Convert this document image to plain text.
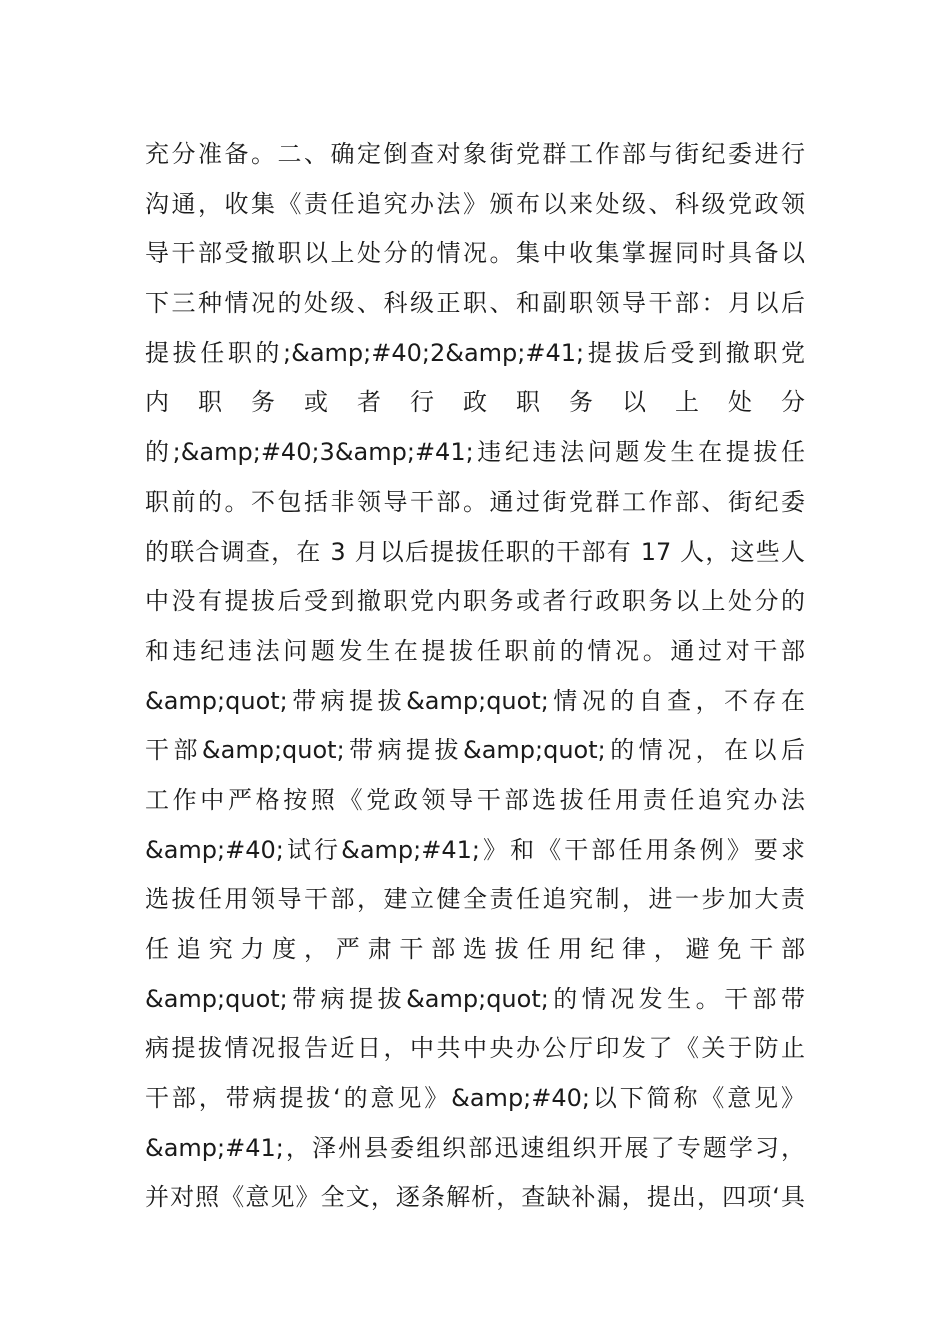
充分准备。二、确定倒查对象街党群工作部与街纪委进行
沟通，收集《责任追究办法》颁布以来处级、科级党政领
导干部受撤职以上处分的情况。集中收集掌握同时具备以
下三种情况的处级、科级正职、和副职领导干部：月以后
提拔任职的;&amp;#40;2&amp;#41;提拔后受到撤职党
内 职 务 或 者 行 政 职 务 以 上 处 分
的;&amp;#40;3&amp;#41;违纪违法问题发生在提拔任
职前的。不包括非领导干部。通过街党群工作部、街纪委
的联合调查，在 3 月以后提拔任职的干部有 17 人，这些人
中没有提拔后受到撤职党内职务或者行政职务以上处分的
和违纪违法问题发生在提拔任职前的情况。通过对干部
&amp;quot;带病提拔&amp;quot;情况的自查，不存在
干部&amp;quot;带病提拔&amp;quot;的情况，在以后
工作中严格按照《党政领导干部选拔任用责任追究办法
&amp;#40;试行&amp;#41;》和《干部任用条例》要求
选拔任用领导干部，建立健全责任追究制，进一步加大责
任 追 究 力 度 ， 严 肃 干 部 选 拔 任 用 纪 律 ， 避 免 干 部
&amp;quot;带病提拔&amp;quot;的情况发生。干部带
病提拔情况报告近日，中共中央办公厅印发了《关于防止
干部，带病提拔‘的意见》&amp;#40;以下简称《意见》
&amp;#41;，泽州县委组织部迅速组织开展了专题学习，
并对照《意见》全文，逐条解析，查缺补漏，提出，四项‘具
